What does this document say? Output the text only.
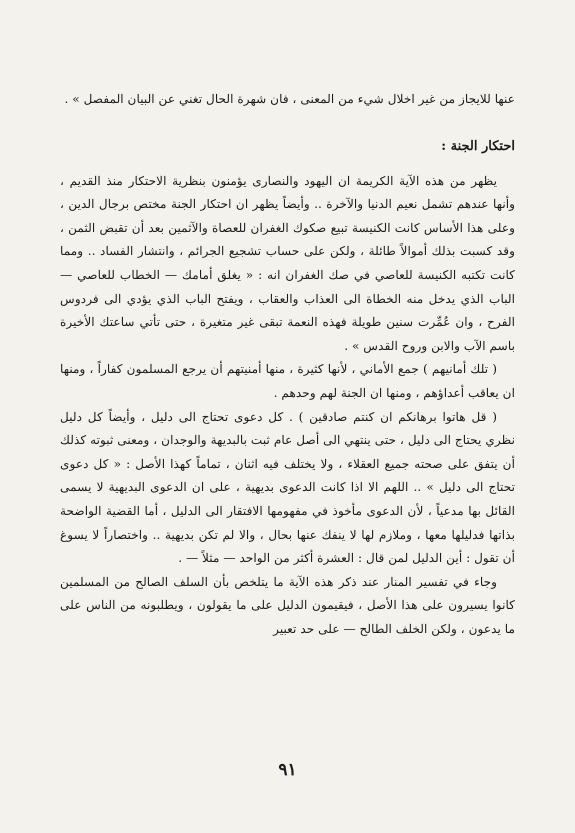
عنها للايجاز من غير اخلال شيء من المعنى ، فان شهرة الحال تغني عن البيان المفصل » .

احتكار الجنة :

يظهر من هذه الآية الكريمة ان اليهود والنصارى يؤمنون بنظرية الاحتكار منذ القديم ، وأنها عندهم تشمل نعيم الدنيا والآخرة .. وأيضاً يظهر ان احتكار الجنة مختص برجال الدين ، وعلى هذا الأساس كانت الكنيسة تبيع صكوك الغفران للعصاة والآثمين بعد أن تقبض الثمن ، وقد كسبت بذلك أموالاً طائلة ، ولكن على حساب تشجيع الجرائم ، وانتشار الفساد .. ومما كانت تكتبه الكنيسة للعاصي في صك الغفران انه : « يغلق أمامك — الخطاب للعاصي — الباب الذي يدخل منه الخطاة الى العذاب والعقاب ، ويفتح الباب الذي يؤدي الى فردوس الفرح ، وان عُمِّرت سنين طويلة فهذه النعمة تبقى غير متغيرة ، حتى تأتي ساعتك الأخيرة باسم الآب والابن وروح القدس » .

( تلك أمانيهم ) جمع الأماني ، لأنها كثيرة ، منها أمنيتهم أن يرجع المسلمون كفاراً ، ومنها ان يعاقب أعداؤهم ، ومنها ان الجنة لهم وحدهم .

( قل هاتوا برهانكم ان كنتم صادقين ) . كل دعوى تحتاج الى دليل ، وأيضاً كل دليل نظري يحتاج الى دليل ، حتى ينتهي الى أصل عام ثبت بالبديهة والوجدان ، ومعنى ثبوته كذلك أن يتفق على صحته جميع العقلاء ، ولا يختلف فيه اثنان ، تماماً كهذا الأصل : « كل دعوى تحتاج الى دليل » .. اللهم الا اذا كانت الدعوى بديهية ، على ان الدعوى البديهية لا يسمى القائل بها مدعياً ، لأن الدعوى مأخوذ في مفهومها الافتقار الى الدليل ، أما القضية الواضحة بذاتها فدليلها معها ، وملازم لها لا ينفك عنها بحال ، والا لم تكن بديهية .. واختصاراً لا يسوغ أن تقول : أين الدليل لمن قال : العشرة أكثر من الواحد — مثلاً — .

وجاء في تفسير المنار عند ذكر هذه الآية ما يتلخص بأن السلف الصالح من المسلمين كانوا يسيرون على هذا الأصل ، فيقيمون الدليل على ما يقولون ، ويطلبونه من الناس على ما يدعون ، ولكن الخلف الطالح — على حد تعبير

٩١
